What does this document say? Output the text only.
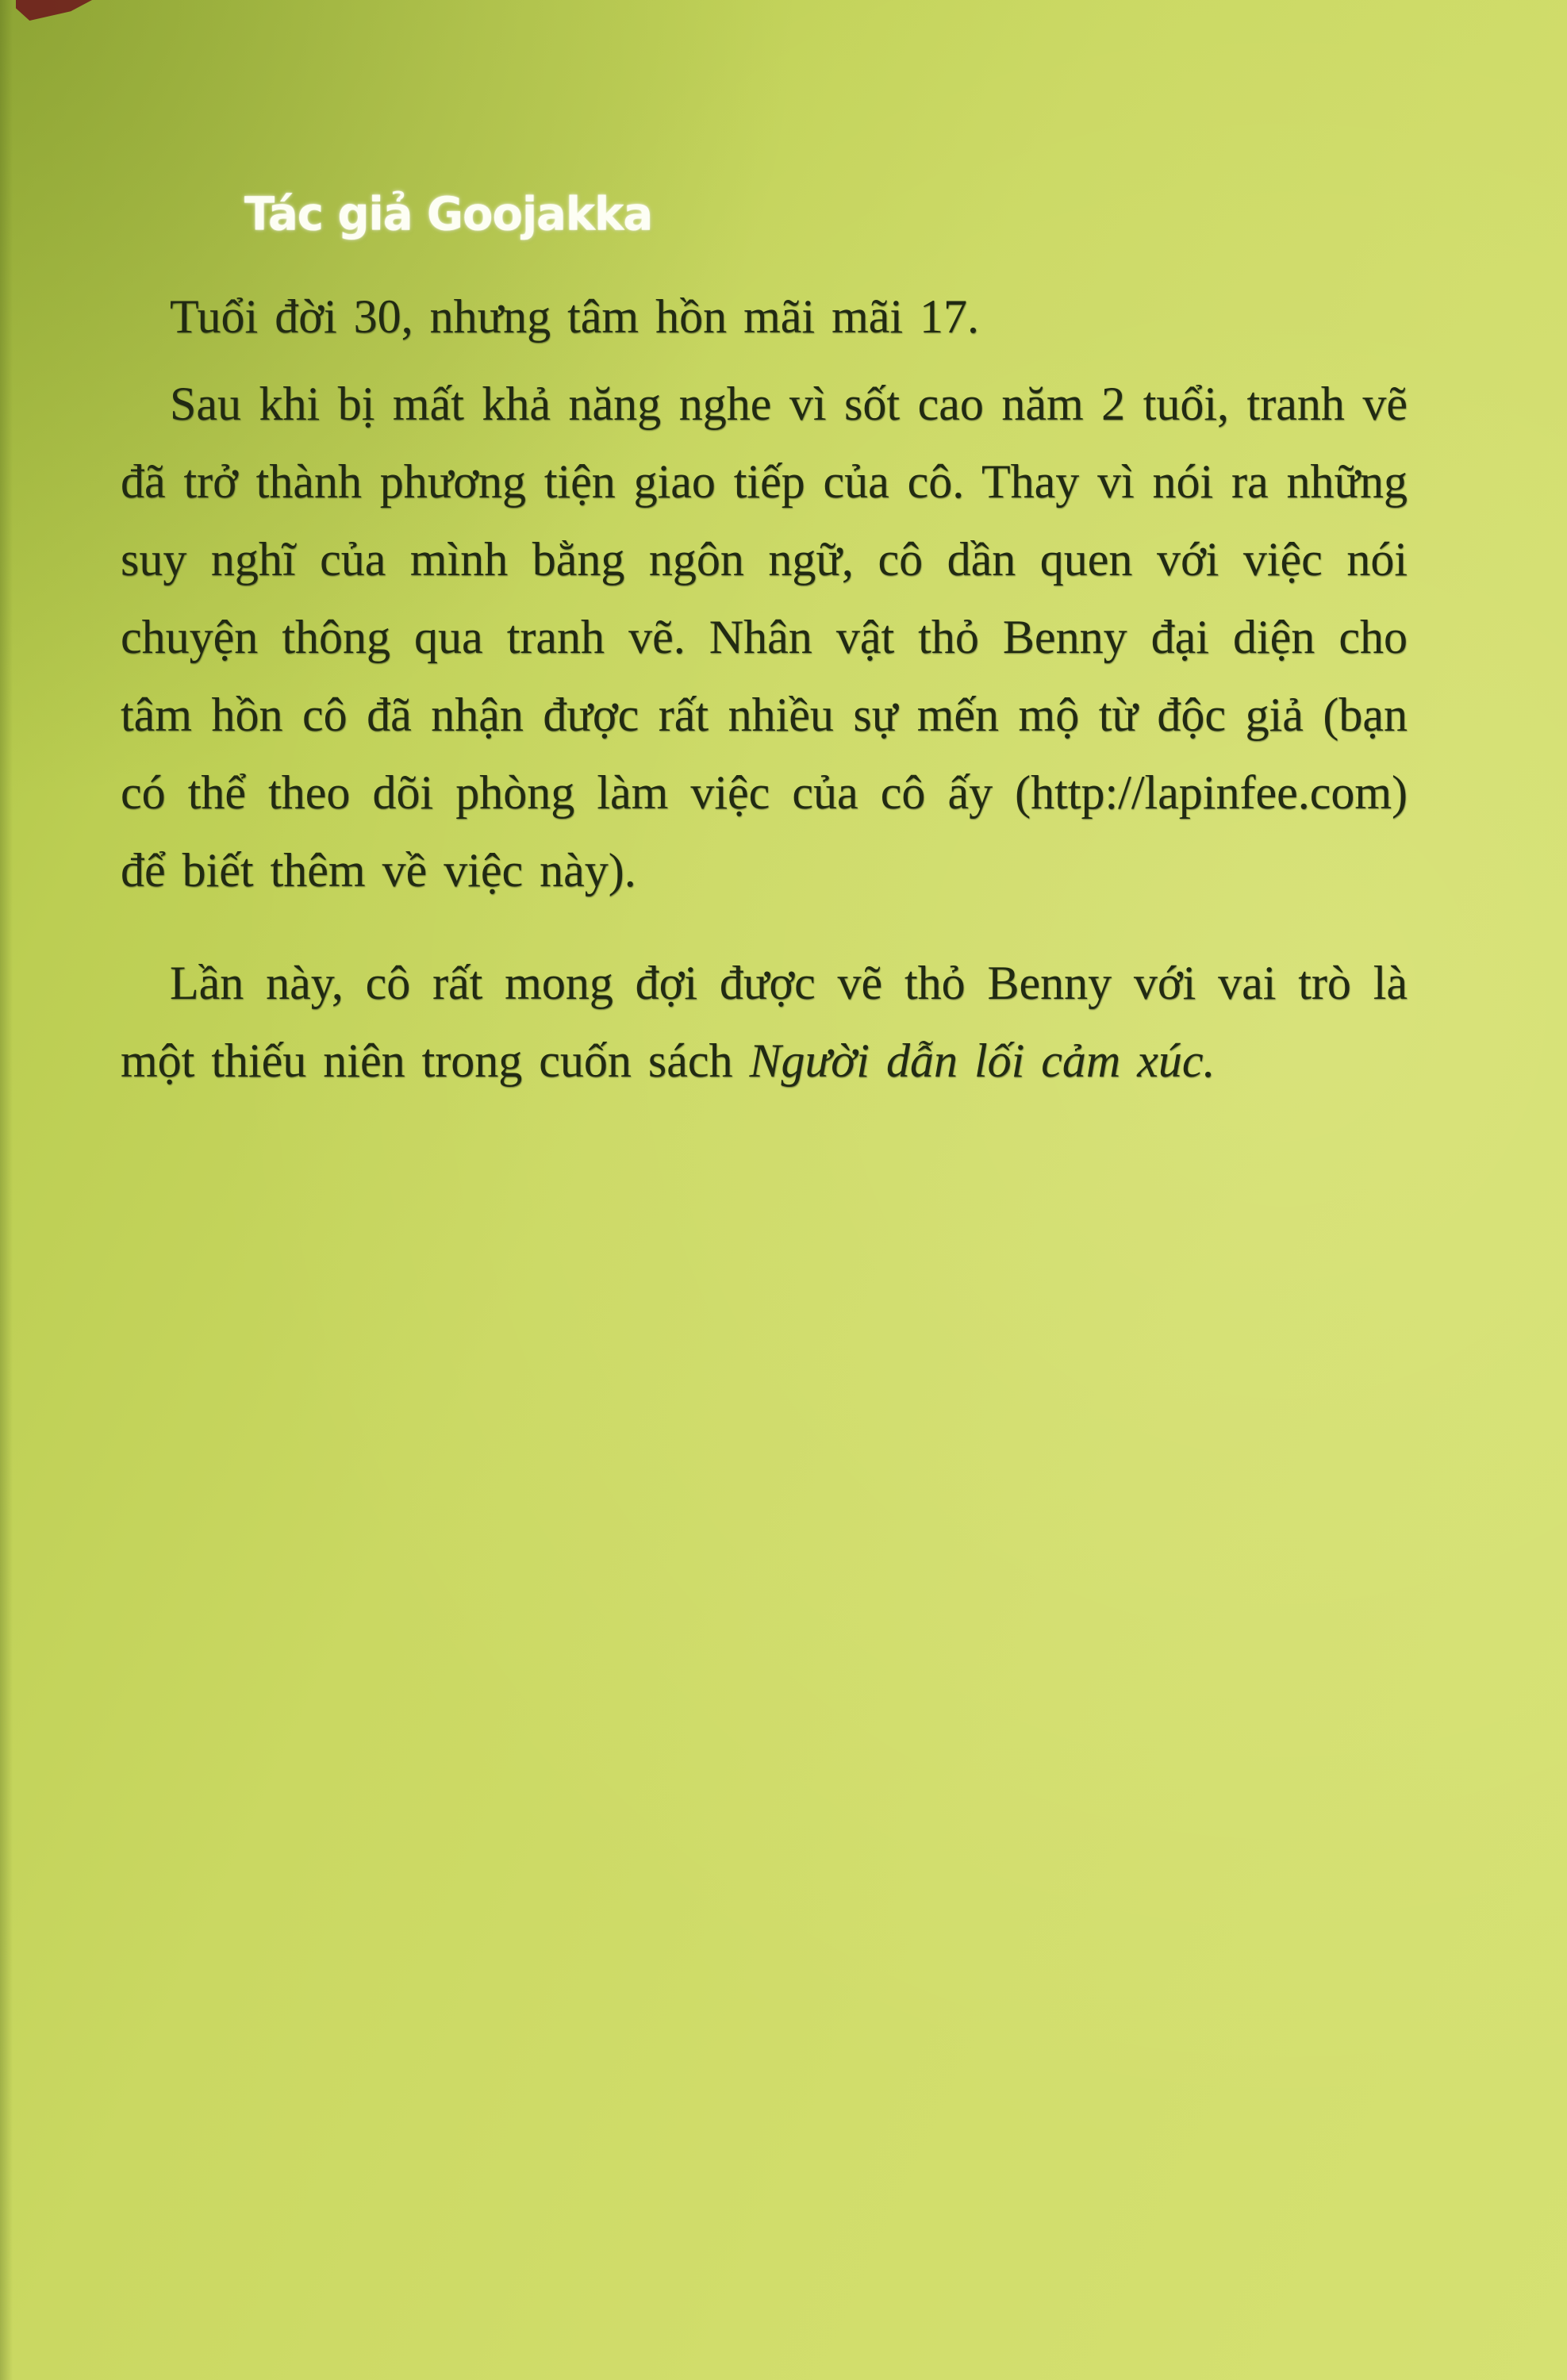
Tác giả Goojakka

Tuổi đời 30, nhưng tâm hồn mãi mãi 17.

Sau khi bị mất khả năng nghe vì sốt cao năm 2 tuổi, tranh vẽ đã trở thành phương tiện giao tiếp của cô. Thay vì nói ra những suy nghĩ của mình bằng ngôn ngữ, cô dần quen với việc nói chuyện thông qua tranh vẽ. Nhân vật thỏ Benny đại diện cho tâm hồn cô đã nhận được rất nhiều sự mến mộ từ độc giả (bạn có thể theo dõi phòng làm việc của cô ấy (http://lapinfee.com) để biết thêm về việc này).

Lần này, cô rất mong đợi được vẽ thỏ Benny với vai trò là một thiếu niên trong cuốn sách Người dẫn lối cảm xúc.
